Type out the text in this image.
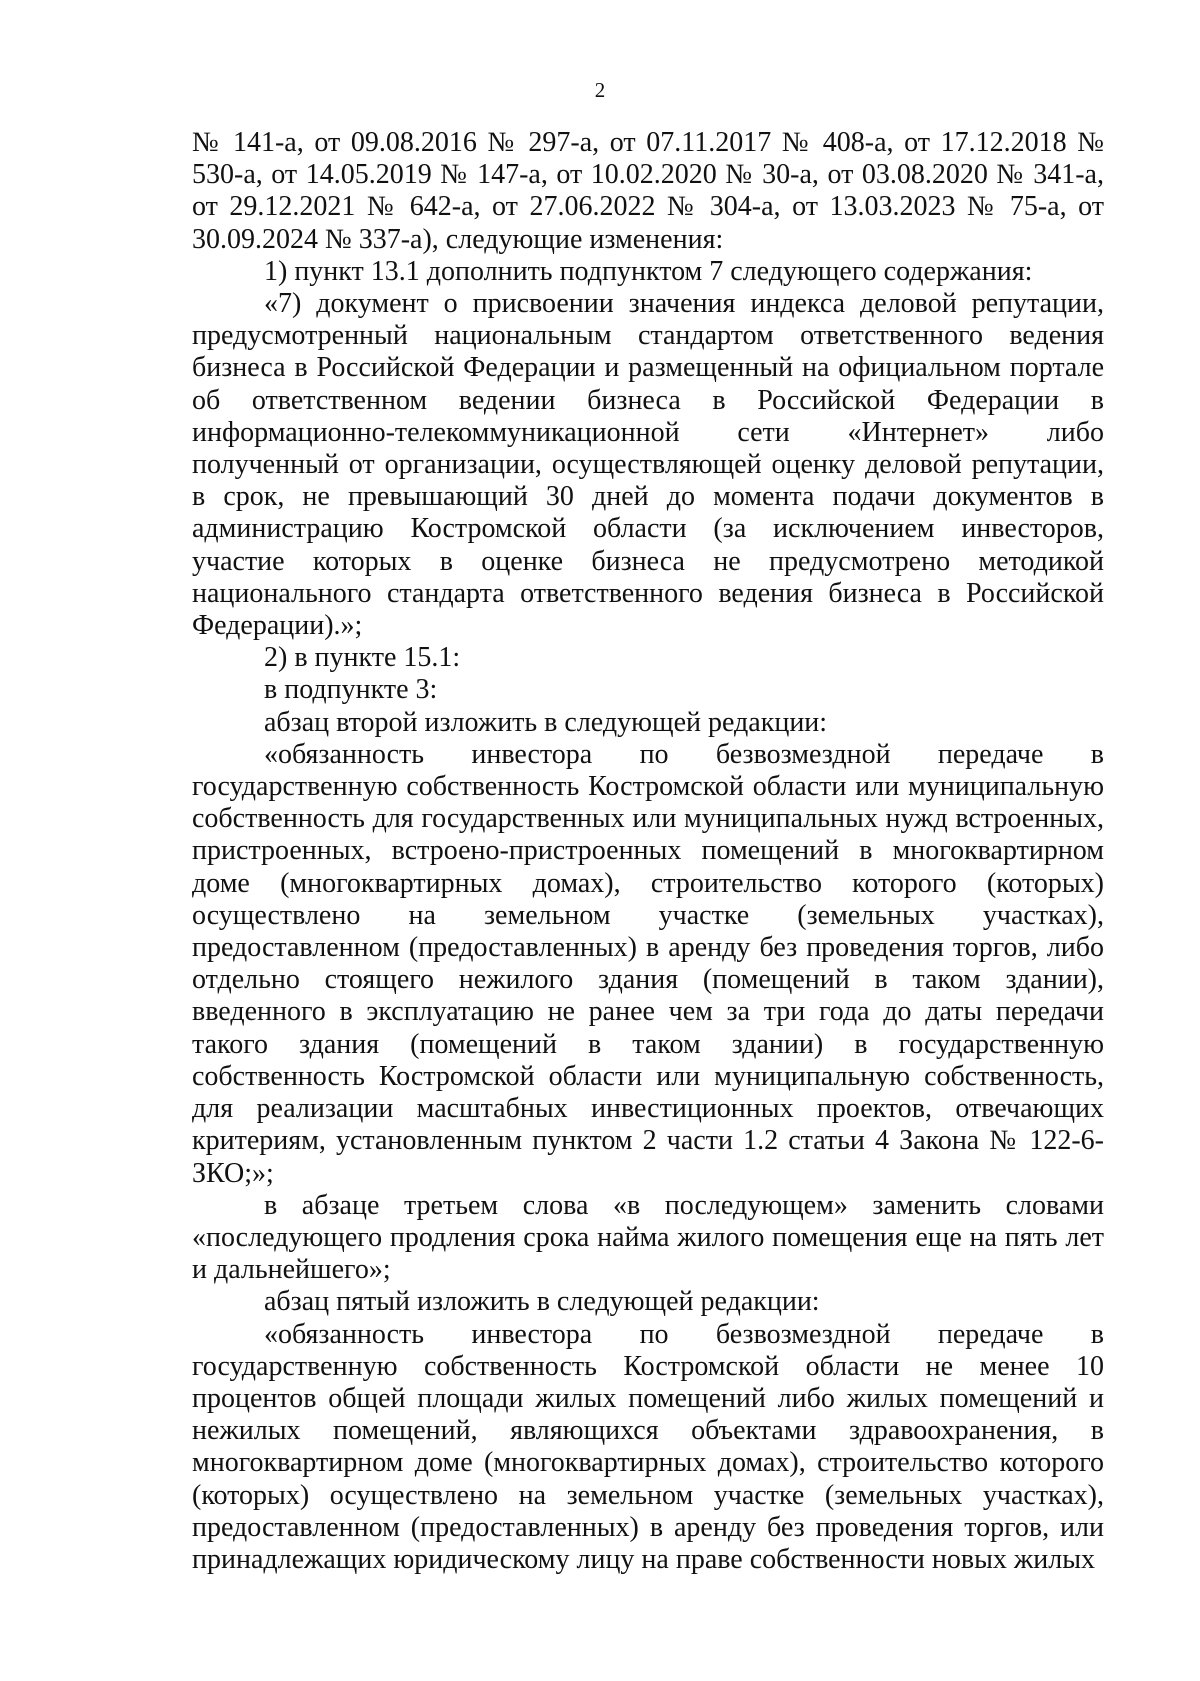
2

№ 141-а, от 09.08.2016 № 297-а, от 07.11.2017 № 408-а, от 17.12.2018 № 530-а, от 14.05.2019 № 147-а, от 10.02.2020 № 30-а, от 03.08.2020 № 341-а, от 29.12.2021 № 642-а, от 27.06.2022 № 304-а, от 13.03.2023 № 75-а, от 30.09.2024 № 337-а), следующие изменения:

1) пункт 13.1 дополнить подпунктом 7 следующего содержания:

«7) документ о присвоении значения индекса деловой репутации, предусмотренный национальным стандартом ответственного ведения бизнеса в Российской Федерации и размещенный на официальном портале об ответственном ведении бизнеса в Российской Федерации в информационно-телекоммуникационной сети «Интернет» либо полученный от организации, осуществляющей оценку деловой репутации, в срок, не превышающий 30 дней до момента подачи документов в администрацию Костромской области (за исключением инвесторов, участие которых в оценке бизнеса не предусмотрено методикой национального стандарта ответственного ведения бизнеса в Российской Федерации).»;

2) в пункте 15.1:

в подпункте 3:

абзац второй изложить в следующей редакции:

«обязанность инвестора по безвозмездной передаче в государственную собственность Костромской области или муниципальную собственность для государственных или муниципальных нужд встроенных, пристроенных, встроено-пристроенных помещений в многоквартирном доме (многоквартирных домах), строительство которого (которых) осуществлено на земельном участке (земельных участках), предоставленном (предоставленных) в аренду без проведения торгов, либо отдельно стоящего нежилого здания (помещений в таком здании), введенного в эксплуатацию не ранее чем за три года до даты передачи такого здания (помещений в таком здании) в государственную собственность Костромской области или муниципальную собственность, для реализации масштабных инвестиционных проектов, отвечающих критериям, установленным пунктом 2 части 1.2 статьи 4 Закона № 122-6-ЗКО;»;

в абзаце третьем слова «в последующем» заменить словами «последующего продления срока найма жилого помещения еще на пять лет и дальнейшего»;

абзац пятый изложить в следующей редакции:

«обязанность инвестора по безвозмездной передаче в государственную собственность Костромской области не менее 10 процентов общей площади жилых помещений либо жилых помещений и нежилых помещений, являющихся объектами здравоохранения, в многоквартирном доме (многоквартирных домах), строительство которого (которых) осуществлено на земельном участке (земельных участках), предоставленном (предоставленных) в аренду без проведения торгов, или принадлежащих юридическому лицу на праве собственности новых жилых
